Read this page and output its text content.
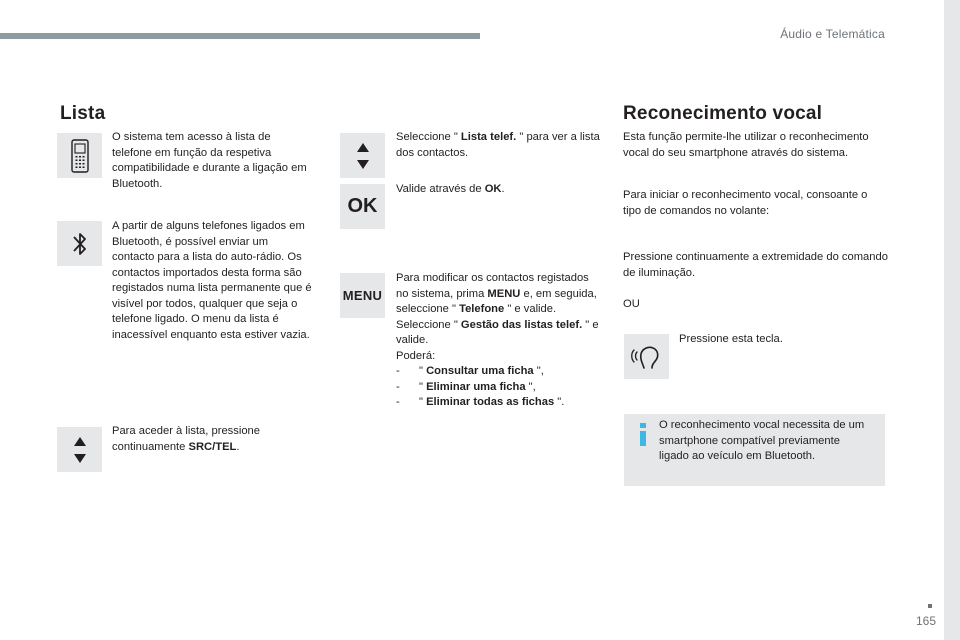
Áudio e Telemática
Lista
O sistema tem acesso à lista de telefone em função da respetiva compatibilidade e durante a ligação em Bluetooth.
A partir de alguns telefones ligados em Bluetooth, é possível enviar um contacto para a lista do auto-rádio. Os contactos importados desta forma são registados numa lista permanente que é visível por todos, qualquer que seja o telefone ligado. O menu da lista é inacessível enquanto esta estiver vazia.
Para aceder à lista, pressione continuamente SRC/TEL.
Seleccione " Lista telef. " para ver a lista dos contactos.
OK
Valide através de OK.
MENU
Para modificar os contactos registados no sistema, prima MENU e, em seguida, seleccione " Telefone " e valide.
Seleccione " Gestão das listas telef. " e valide.
Poderá:
- " Consultar uma ficha ",
- " Eliminar uma ficha ",
- " Eliminar todas as fichas ".
Reconecimento vocal
Esta função permite-lhe utilizar o reconhecimento vocal do seu smartphone através do sistema.
Para iniciar o reconhecimento vocal, consoante o tipo de comandos no volante:
Pressione continuamente a extremidade do comando de iluminação.
OU
Pressione esta tecla.
O reconhecimento vocal necessita de um smartphone compatível previamente ligado ao veículo em Bluetooth.
165
